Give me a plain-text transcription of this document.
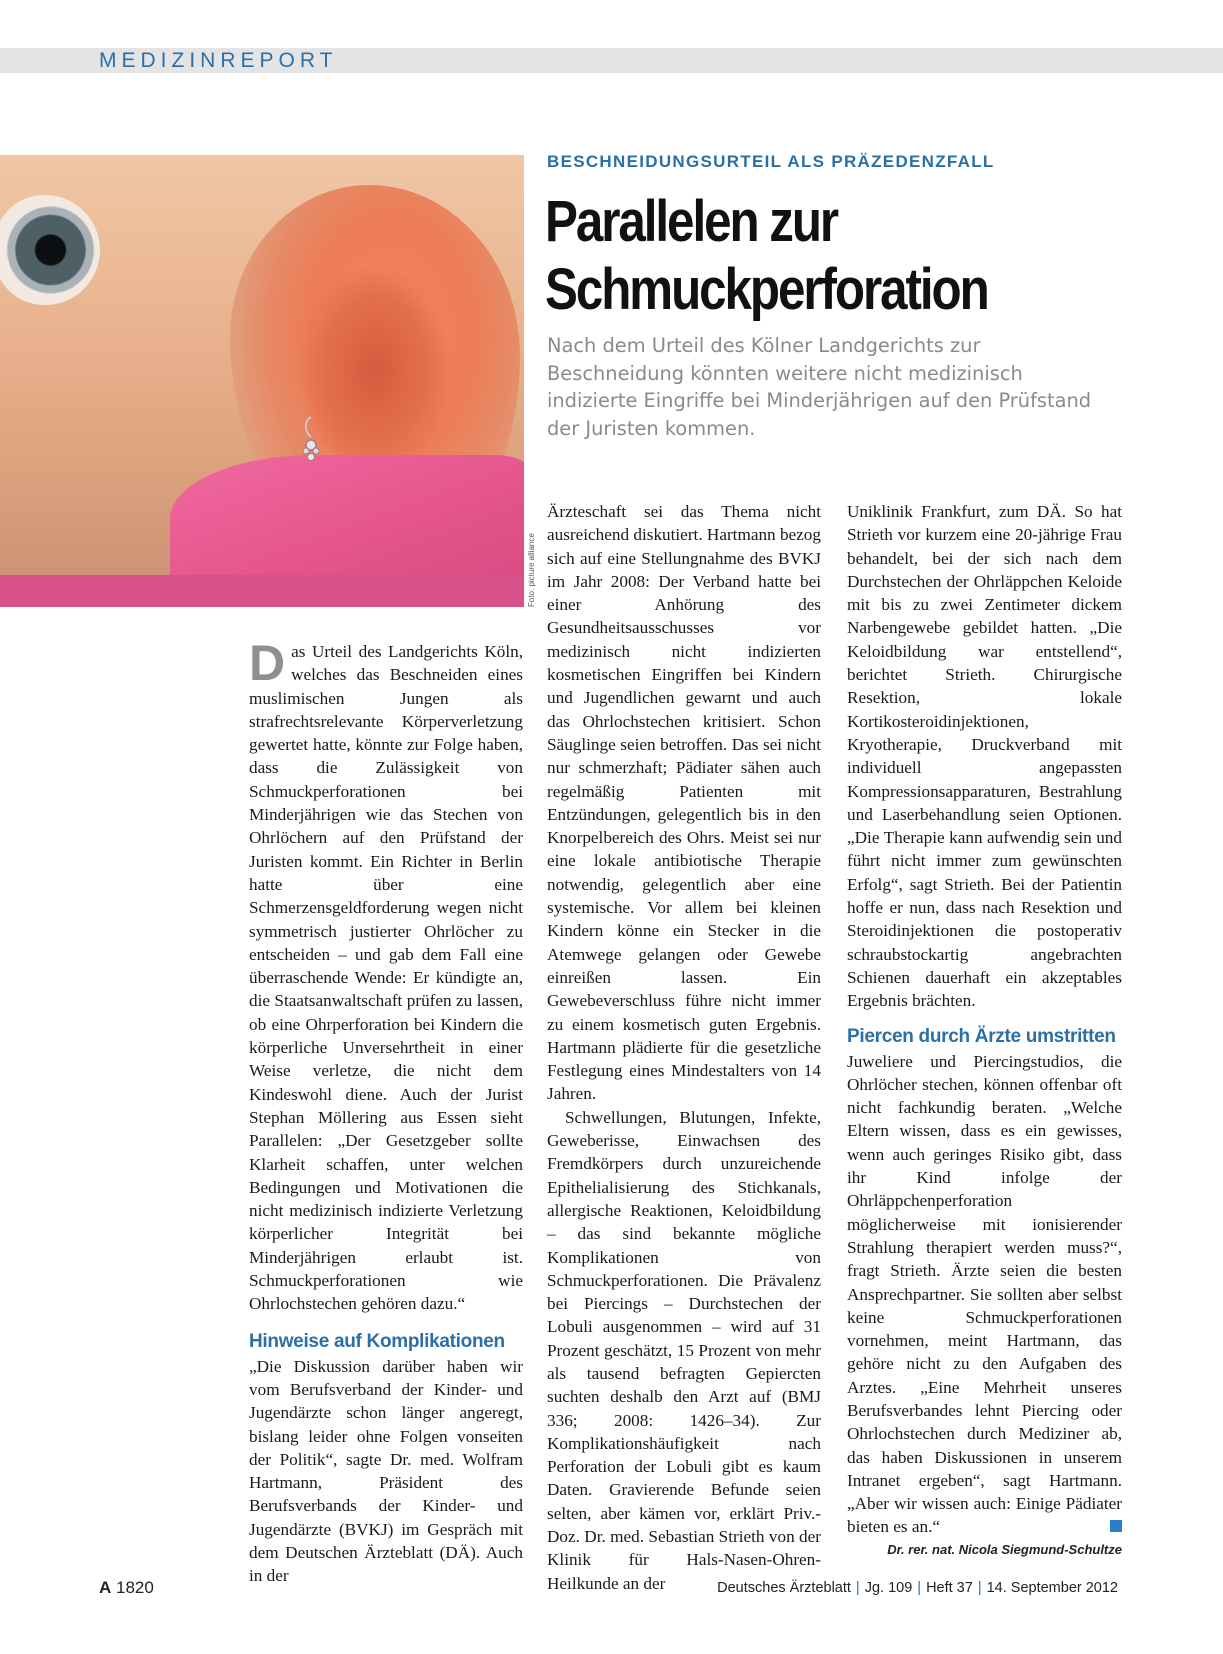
MEDIZINREPORT
Foto: picture alliance
BESCHNEIDUNGSURTEIL ALS PRÄZEDENZFALL
Parallelen zur
Schmuckperforation
Nach dem Urteil des Kölner Landgerichts zur Beschneidung könnten weitere nicht medizinisch indizierte Eingriffe bei Minderjährigen auf den Prüfstand der Juristen kommen.

Das Urteil des Landgerichts Köln, welches das Beschneiden eines muslimischen Jungen als strafrechtsrelevante Körperverletzung gewertet hatte, könnte zur Folge haben, dass die Zulässigkeit von Schmuckperforationen bei Minderjährigen wie das Stechen von Ohrlöchern auf den Prüfstand der Juristen kommt. Ein Richter in Berlin hatte über eine Schmerzensgeldforderung wegen nicht symmetrisch justierter Ohrlöcher zu entscheiden – und gab dem Fall eine überraschende Wende: Er kündigte an, die Staatsanwaltschaft prüfen zu lassen, ob eine Ohrperforation bei Kindern die körperliche Unversehrtheit in einer Weise verletze, die nicht dem Kindeswohl diene. Auch der Jurist Stephan Möllering aus Essen sieht Parallelen: „Der Gesetzgeber sollte Klarheit schaffen, unter welchen Bedingungen und Motivationen die nicht medizinisch indizierte Verletzung körperlicher Integrität bei Minderjährigen erlaubt ist. Schmuckperforationen wie Ohrlochstechen gehören dazu.“

Hinweise auf Komplikationen

„Die Diskussion darüber haben wir vom Berufsverband der Kinder- und Jugendärzte schon länger angeregt, bislang leider ohne Folgen vonseiten der Politik“, sagte Dr. med. Wolfram Hartmann, Präsident des Berufsverbands der Kinder- und Jugendärzte (BVKJ) im Gespräch mit dem Deutschen Ärzteblatt (DÄ). Auch in der

Ärzteschaft sei das Thema nicht ausreichend diskutiert. Hartmann bezog sich auf eine Stellungnahme des BVKJ im Jahr 2008: Der Verband hatte bei einer Anhörung des Gesundheitsausschusses vor medizinisch nicht indizierten kosmetischen Eingriffen bei Kindern und Jugendlichen gewarnt und auch das Ohrlochstechen kritisiert. Schon Säuglinge seien betroffen. Das sei nicht nur schmerzhaft; Pädiater sähen auch regelmäßig Patienten mit Entzündungen, gelegentlich bis in den Knorpelbereich des Ohrs. Meist sei nur eine lokale antibiotische Therapie notwendig, gelegentlich aber eine systemische. Vor allem bei kleinen Kindern könne ein Stecker in die Atemwege gelangen oder Gewebe einreißen lassen. Ein Gewebeverschluss führe nicht immer zu einem kosmetisch guten Ergebnis. Hartmann plädierte für die gesetzliche Festlegung eines Mindestalters von 14 Jahren.

Schwellungen, Blutungen, Infekte, Geweberisse, Einwachsen des Fremdkörpers durch unzureichende Epithelialisierung des Stichkanals, allergische Reaktionen, Keloidbildung – das sind bekannte mögliche Komplikationen von Schmuckperforationen. Die Prävalenz bei Piercings – Durchstechen der Lobuli ausgenommen – wird auf 31 Prozent geschätzt, 15 Prozent von mehr als tausend befragten Gepiercten suchten deshalb den Arzt auf (BMJ 336; 2008: 1426–34). Zur Komplikationshäufigkeit nach Perforation der Lobuli gibt es kaum Daten. Gravierende Befunde seien selten, aber kämen vor, erklärt Priv.-Doz. Dr. med. Sebastian Strieth von der Klinik für Hals-Nasen-Ohren-Heilkunde an der

Uniklinik Frankfurt, zum DÄ. So hat Strieth vor kurzem eine 20-jährige Frau behandelt, bei der sich nach dem Durchstechen der Ohrläppchen Keloide mit bis zu zwei Zentimeter dickem Narbengewebe gebildet hatten. „Die Keloidbildung war entstellend“, berichtet Strieth. Chirurgische Resektion, lokale Kortikosteroidinjektionen, Kryotherapie, Druckverband mit individuell angepassten Kompressionsapparaturen, Bestrahlung und Laserbehandlung seien Optionen. „Die Therapie kann aufwendig sein und führt nicht immer zum gewünschten Erfolg“, sagt Strieth. Bei der Patientin hoffe er nun, dass nach Resektion und Steroidinjektionen die postoperativ schraubstockartig angebrachten Schienen dauerhaft ein akzeptables Ergebnis brächten.

Piercen durch Ärzte umstritten

Juweliere und Piercingstudios, die Ohrlöcher stechen, können offenbar oft nicht fachkundig beraten. „Welche Eltern wissen, dass es ein gewisses, wenn auch geringes Risiko gibt, dass ihr Kind infolge der Ohrläppchenperforation möglicherweise mit ionisierender Strahlung therapiert werden muss?“, fragt Strieth. Ärzte seien die besten Ansprechpartner. Sie sollten aber selbst keine Schmuckperforationen vornehmen, meint Hartmann, das gehöre nicht zu den Aufgaben des Arztes. „Eine Mehrheit unseres Berufsverbandes lehnt Piercing oder Ohrlochstechen durch Mediziner ab, das haben Diskussionen in unserem Intranet ergeben“, sagt Hartmann. „Aber wir wissen auch: Einige Pädiater bieten es an.“

Dr. rer. nat. Nicola Siegmund-Schultze
A 1820	Deutsches Ärzteblatt | Jg. 109 | Heft 37 | 14. September 2012
